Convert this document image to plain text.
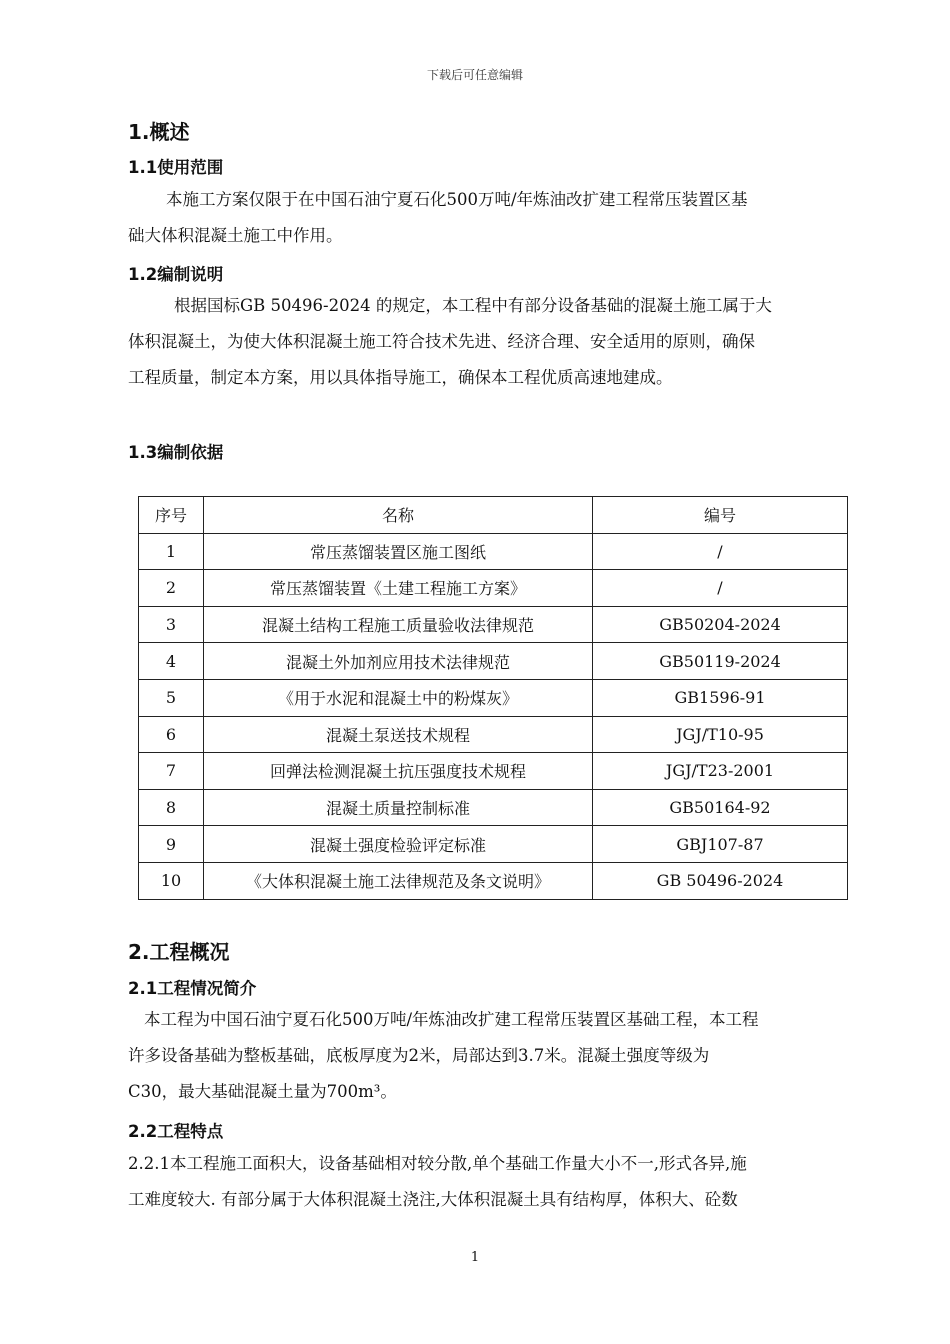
下载后可任意编辑
1.概述
1.1使用范围
本施工方案仅限于在中国石油宁夏石化500万吨/年炼油改扩建工程常压装置区基
础大体积混凝土施工中作用。
1.2编制说明
根据国标GB 50496-2024 的规定，本工程中有部分设备基础的混凝土施工属于大
体积混凝土，为使大体积混凝土施工符合技术先进、经济合理、安全适用的原则，确保
工程质量，制定本方案，用以具体指导施工，确保本工程优质高速地建成。
1.3编制依据
序号	名称	编号
1	常压蒸馏装置区施工图纸	/
2	常压蒸馏装置《土建工程施工方案》	/
3	混凝土结构工程施工质量验收法律规范	GB50204-2024
4	混凝土外加剂应用技术法律规范	GB50119-2024
5	《用于水泥和混凝土中的粉煤灰》	GB1596-91
6	混凝土泵送技术规程	JGJ/T10-95
7	回弹法检测混凝土抗压强度技术规程	JGJ/T23-2001
8	混凝土质量控制标准	GB50164-92
9	混凝土强度检验评定标准	GBJ107-87
10	《大体积混凝土施工法律规范及条文说明》	GB 50496-2024
2.工程概况
2.1工程情况简介
本工程为中国石油宁夏石化500万吨/年炼油改扩建工程常压装置区基础工程，本工程
许多设备基础为整板基础，底板厚度为2米，局部达到3.7米。混凝土强度等级为
C30，最大基础混凝土量为700m³。
2.2工程特点
2.2.1本工程施工面积大，设备基础相对较分散,单个基础工作量大小不一,形式各异,施
工难度较大. 有部分属于大体积混凝土浇注,大体积混凝土具有结构厚，体积大、砼数
1
